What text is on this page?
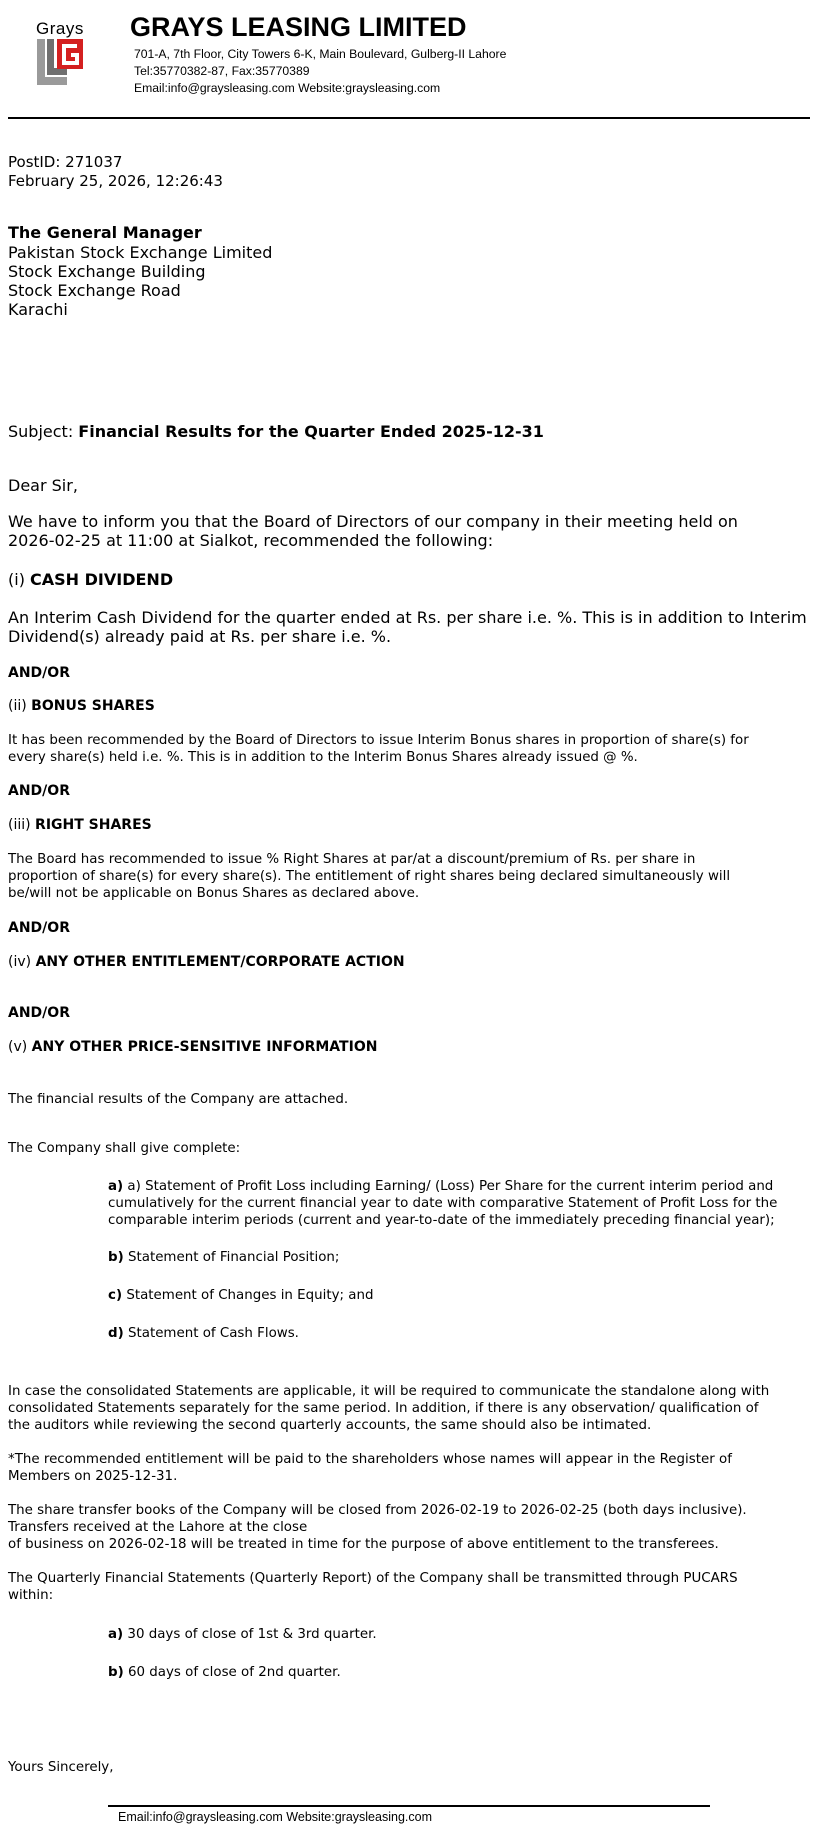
Grays GRAYS LEASING LIMITED
701-A, 7th Floor, City Towers 6-K, Main Boulevard, Gulberg-II Lahore
Tel:35770382-87, Fax:35770389
Email:info@graysleasing.com Website:graysleasing.com
PostID: 271037
February 25, 2026, 12:26:43
The General Manager
Pakistan Stock Exchange Limited
Stock Exchange Building
Stock Exchange Road
Karachi
Subject: Financial Results for the Quarter Ended 2025-12-31
Dear Sir,
We have to inform you that the Board of Directors of our company in their meeting held on
2026-02-25 at 11:00 at Sialkot, recommended the following:
(i) CASH DIVIDEND
An Interim Cash Dividend for the quarter ended at Rs. per share i.e. %. This is in addition to Interim
Dividend(s) already paid at Rs. per share i.e. %.
AND/OR
(ii) BONUS SHARES
It has been recommended by the Board of Directors to issue Interim Bonus shares in proportion of share(s) for
every share(s) held i.e. %. This is in addition to the Interim Bonus Shares already issued @ %.
AND/OR
(iii) RIGHT SHARES
The Board has recommended to issue % Right Shares at par/at a discount/premium of Rs. per share in
proportion of share(s) for every share(s). The entitlement of right shares being declared simultaneously will
be/will not be applicable on Bonus Shares as declared above.
AND/OR
(iv) ANY OTHER ENTITLEMENT/CORPORATE ACTION
AND/OR
(v) ANY OTHER PRICE-SENSITIVE INFORMATION
The financial results of the Company are attached.
The Company shall give complete:
a) a) Statement of Profit Loss including Earning/ (Loss) Per Share for the current interim period and
cumulatively for the current financial year to date with comparative Statement of Profit Loss for the
comparable interim periods (current and year-to-date of the immediately preceding financial year);
b) Statement of Financial Position;
c) Statement of Changes in Equity; and
d) Statement of Cash Flows.
In case the consolidated Statements are applicable, it will be required to communicate the standalone along with
consolidated Statements separately for the same period. In addition, if there is any observation/ qualification of
the auditors while reviewing the second quarterly accounts, the same should also be intimated.
*The recommended entitlement will be paid to the shareholders whose names will appear in the Register of
Members on 2025-12-31.
The share transfer books of the Company will be closed from 2026-02-19 to 2026-02-25 (both days inclusive).
Transfers received at the Lahore at the close
of business on 2026-02-18 will be treated in time for the purpose of above entitlement to the transferees.
The Quarterly Financial Statements (Quarterly Report) of the Company shall be transmitted through PUCARS
within:
a) 30 days of close of 1st & 3rd quarter.
b) 60 days of close of 2nd quarter.
Yours Sincerely,
Email:info@graysleasing.com Website:graysleasing.com
